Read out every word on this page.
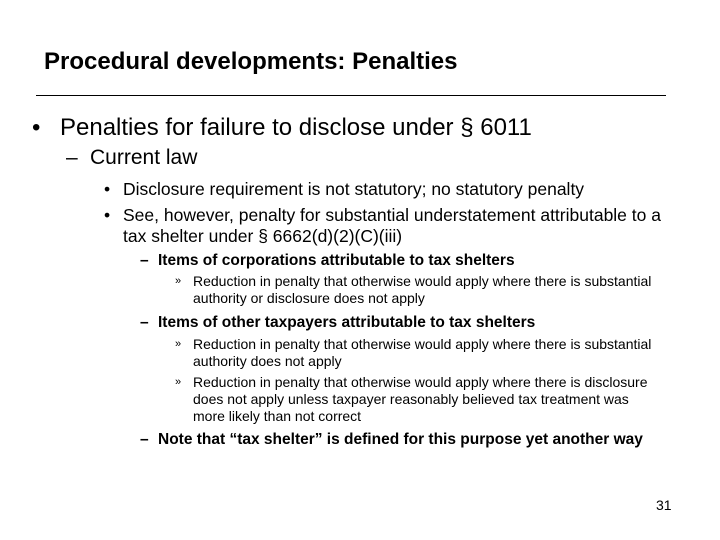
Procedural developments: Penalties
• Penalties for failure to disclose under § 6011
– Current law
• Disclosure requirement is not statutory; no statutory penalty
• See, however, penalty for substantial understatement attributable to a tax shelter under § 6662(d)(2)(C)(iii)
– Items of corporations attributable to tax shelters
» Reduction in penalty that otherwise would apply where there is substantial authority or disclosure does not apply
– Items of other taxpayers attributable to tax shelters
» Reduction in penalty that otherwise would apply where there is substantial authority does not apply
» Reduction in penalty that otherwise would apply where there is disclosure does not apply unless taxpayer reasonably believed tax treatment was more likely than not correct
– Note that “tax shelter” is defined for this purpose yet another way
31
